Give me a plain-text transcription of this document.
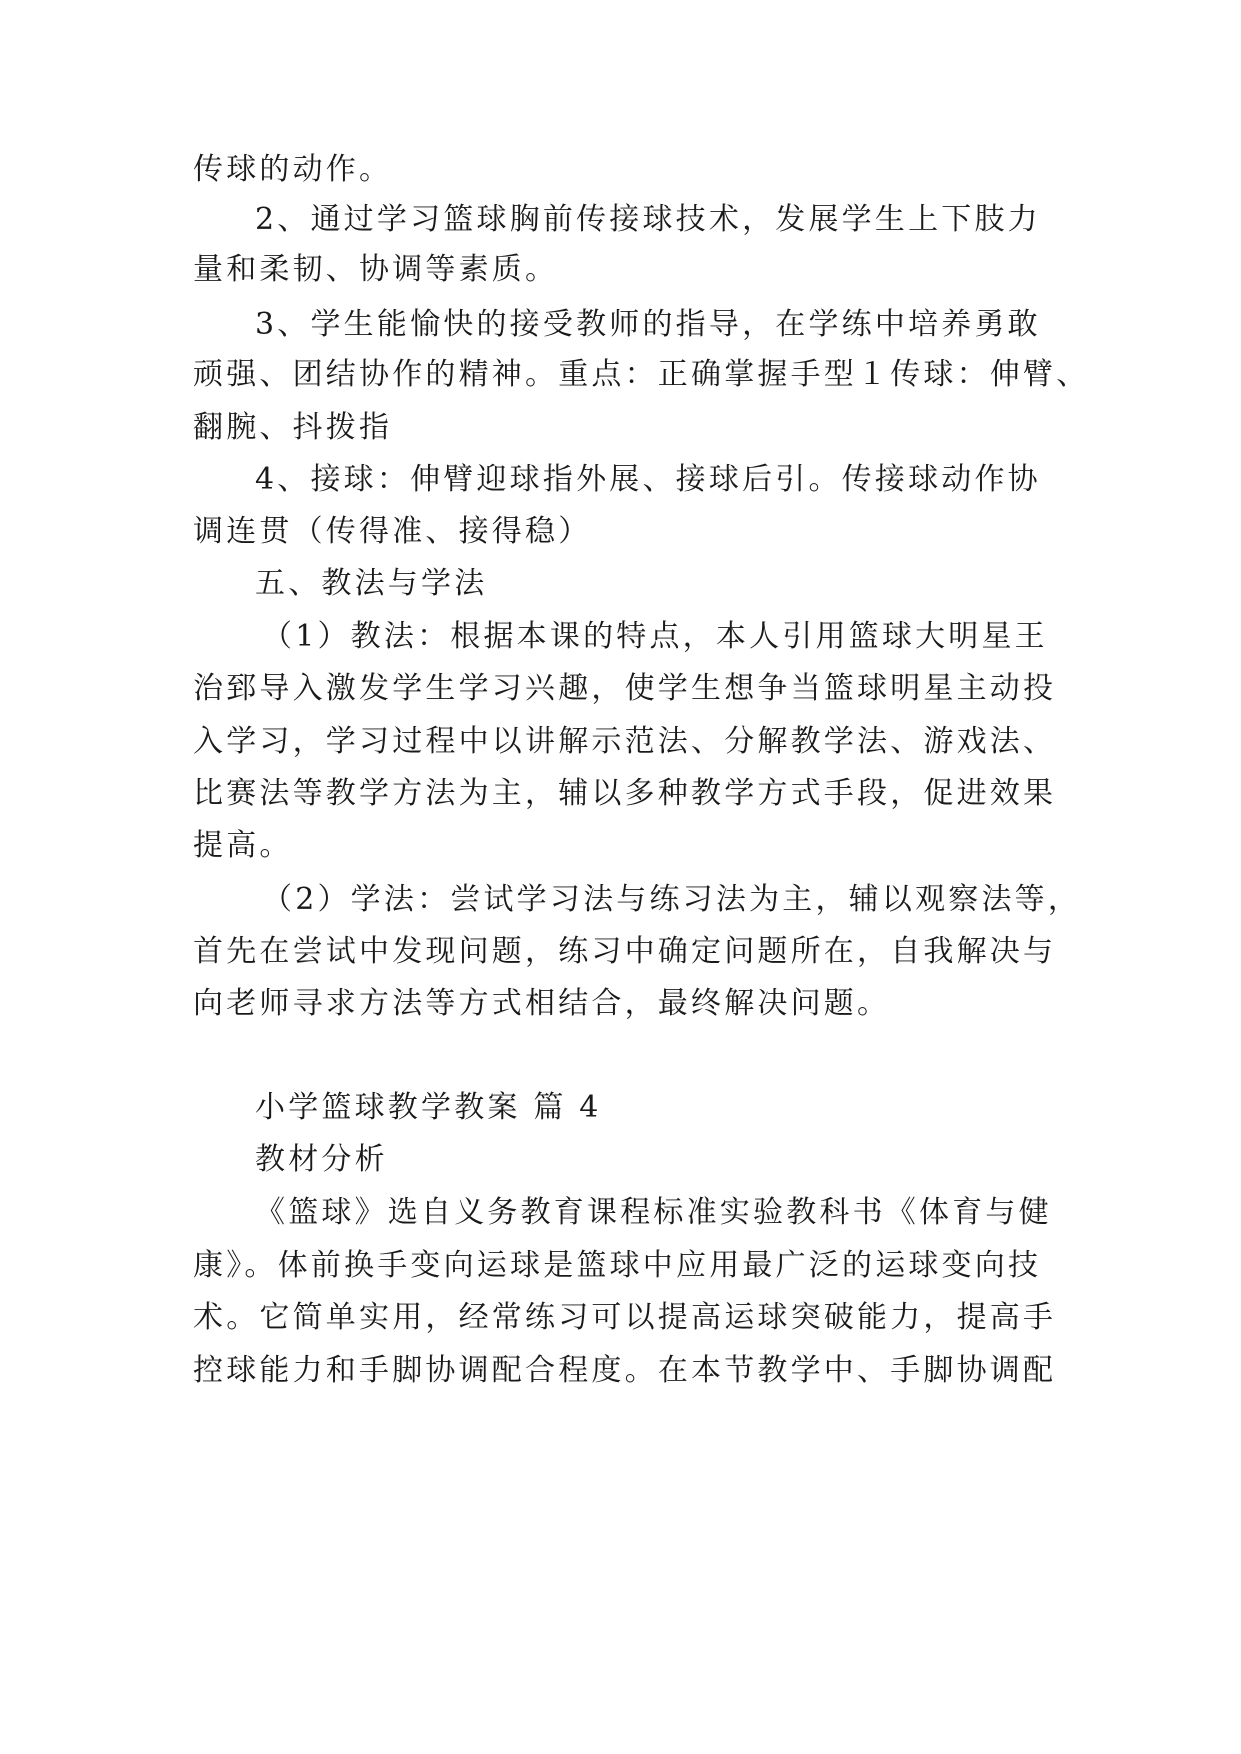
传球的动作。
2、通过学习篮球胸前传接球技术，发展学生上下肢力
量和柔韧、协调等素质。
3、学生能愉快的接受教师的指导，在学练中培养勇敢
顽强、团结协作的精神。重点：正确掌握手型１传球：伸臂、
翻腕、抖拨指
4、接球：伸臂迎球指外展、接球后引。传接球动作协
调连贯（传得准、接得稳）
五、教法与学法
（1）教法：根据本课的特点，本人引用篮球大明星王
治郅导入激发学生学习兴趣，使学生想争当篮球明星主动投
入学习，学习过程中以讲解示范法、分解教学法、游戏法、
比赛法等教学方法为主，辅以多种教学方式手段，促进效果
提高。
（2）学法：尝试学习法与练习法为主，辅以观察法等，
首先在尝试中发现问题，练习中确定问题所在，自我解决与
向老师寻求方法等方式相结合，最终解决问题。
小学篮球教学教案 篇 4
教材分析
《篮球》选自义务教育课程标准实验教科书《体育与健
康》。体前换手变向运球是篮球中应用最广泛的运球变向技
术。它简单实用，经常练习可以提高运球突破能力，提高手
控球能力和手脚协调配合程度。在本节教学中、手脚协调配
